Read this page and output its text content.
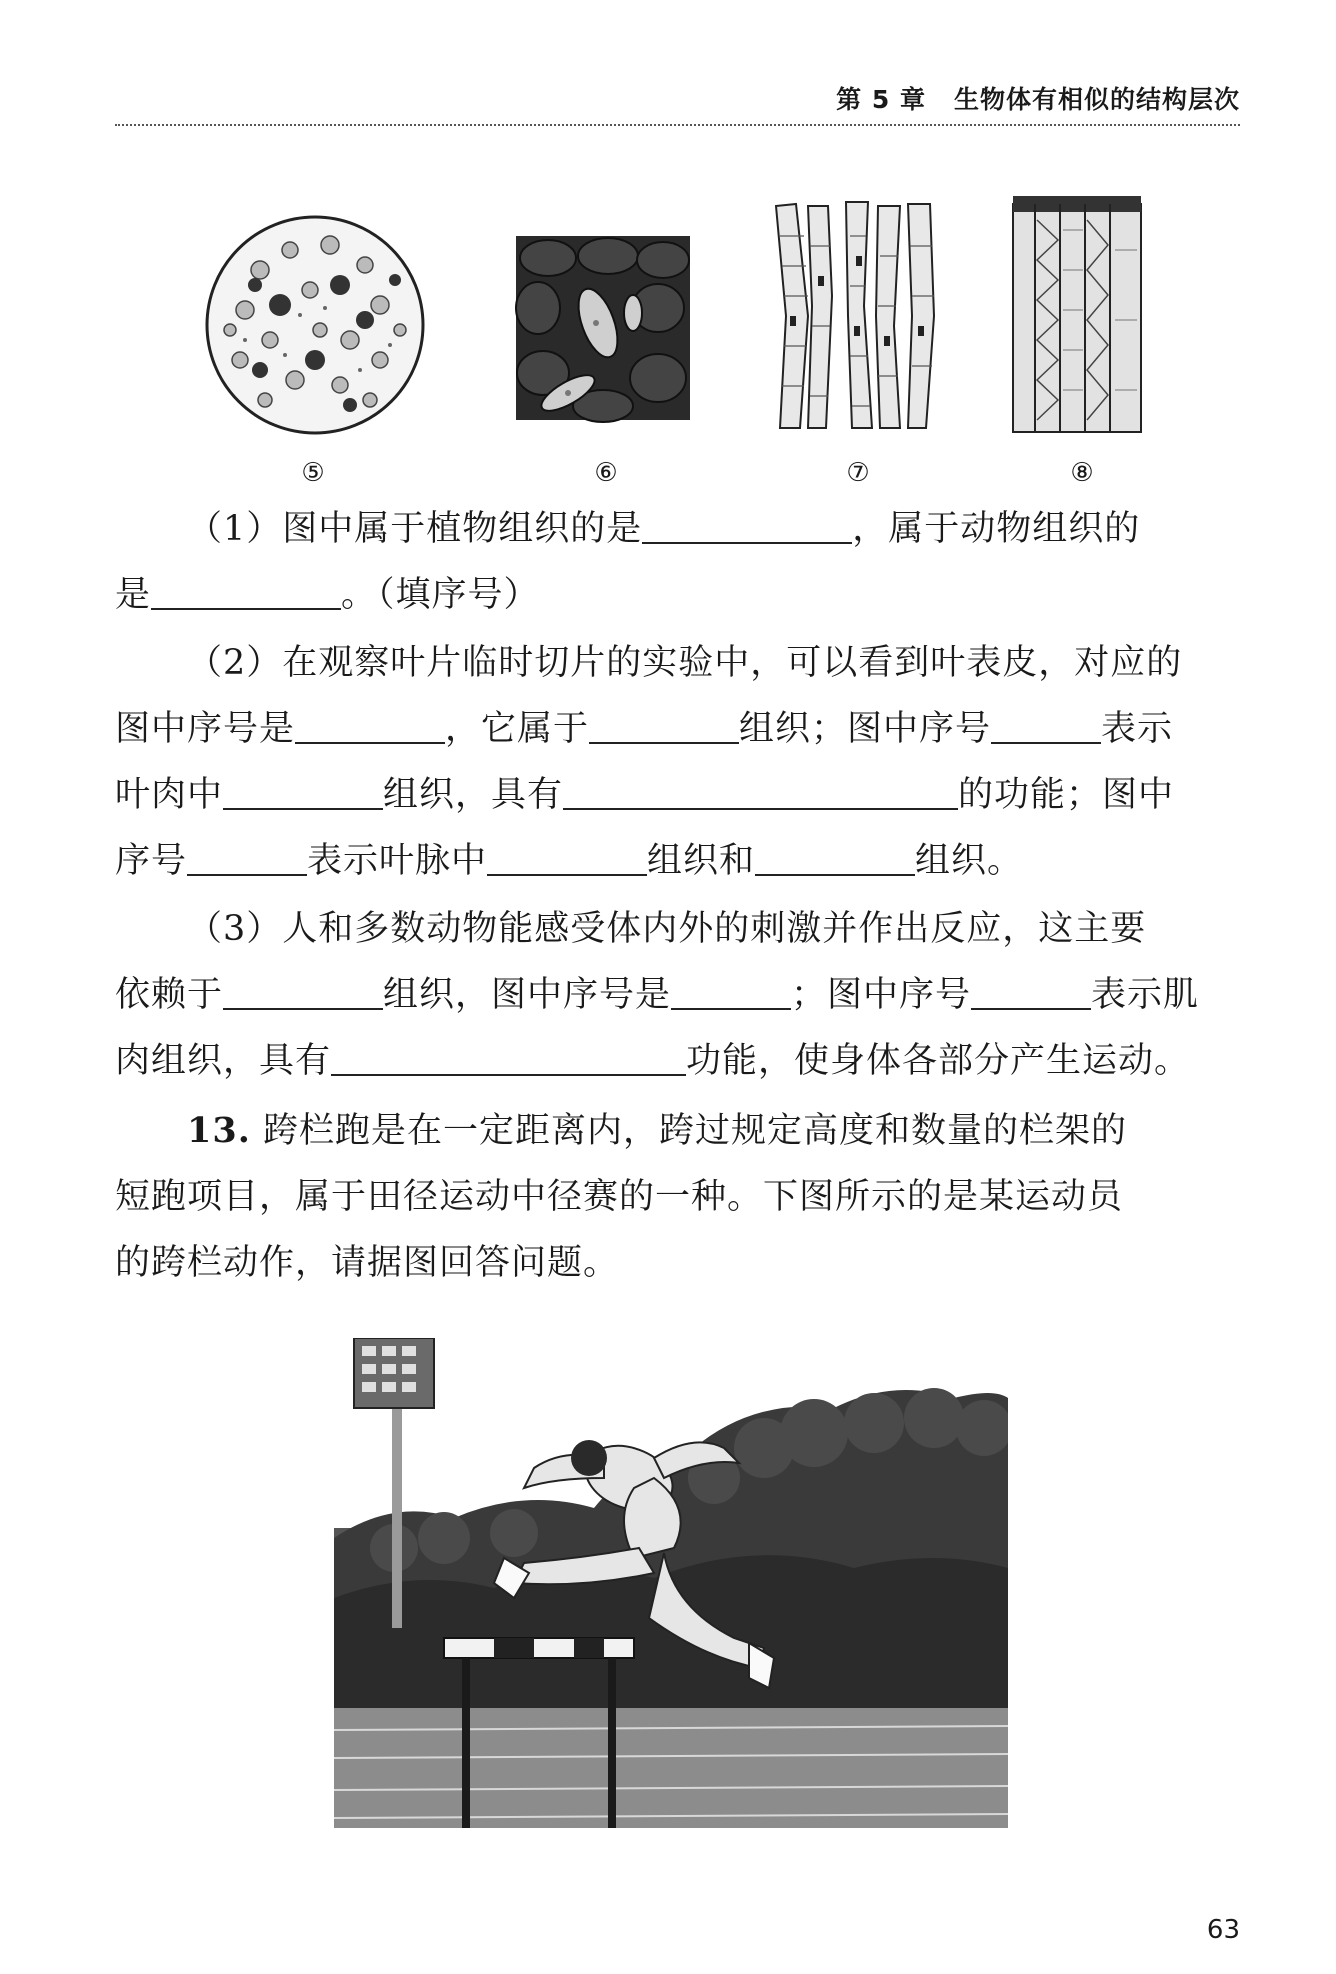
第 5 章 生物体有相似的结构层次
⑤	⑥	⑦	⑧
（1）图中属于植物组织的是	，属于动物组织的
是	。（填序号）
（2）在观察叶片临时切片的实验中，可以看到叶表皮，对应的
图中序号是	，它属于	组织；图中序号	表示
叶肉中	组织，具有	的功能；图中
序号	表示叶脉中	组织和	组织。
（3）人和多数动物能感受体内外的刺激并作出反应，这主要
依赖于	组织，图中序号是	；图中序号	表示肌
肉组织，具有	功能，使身体各部分产生运动。
13. 跨栏跑是在一定距离内，跨过规定高度和数量的栏架的
短跑项目，属于田径运动中径赛的一种。下图所示的是某运动员
的跨栏动作，请据图回答问题。
63
